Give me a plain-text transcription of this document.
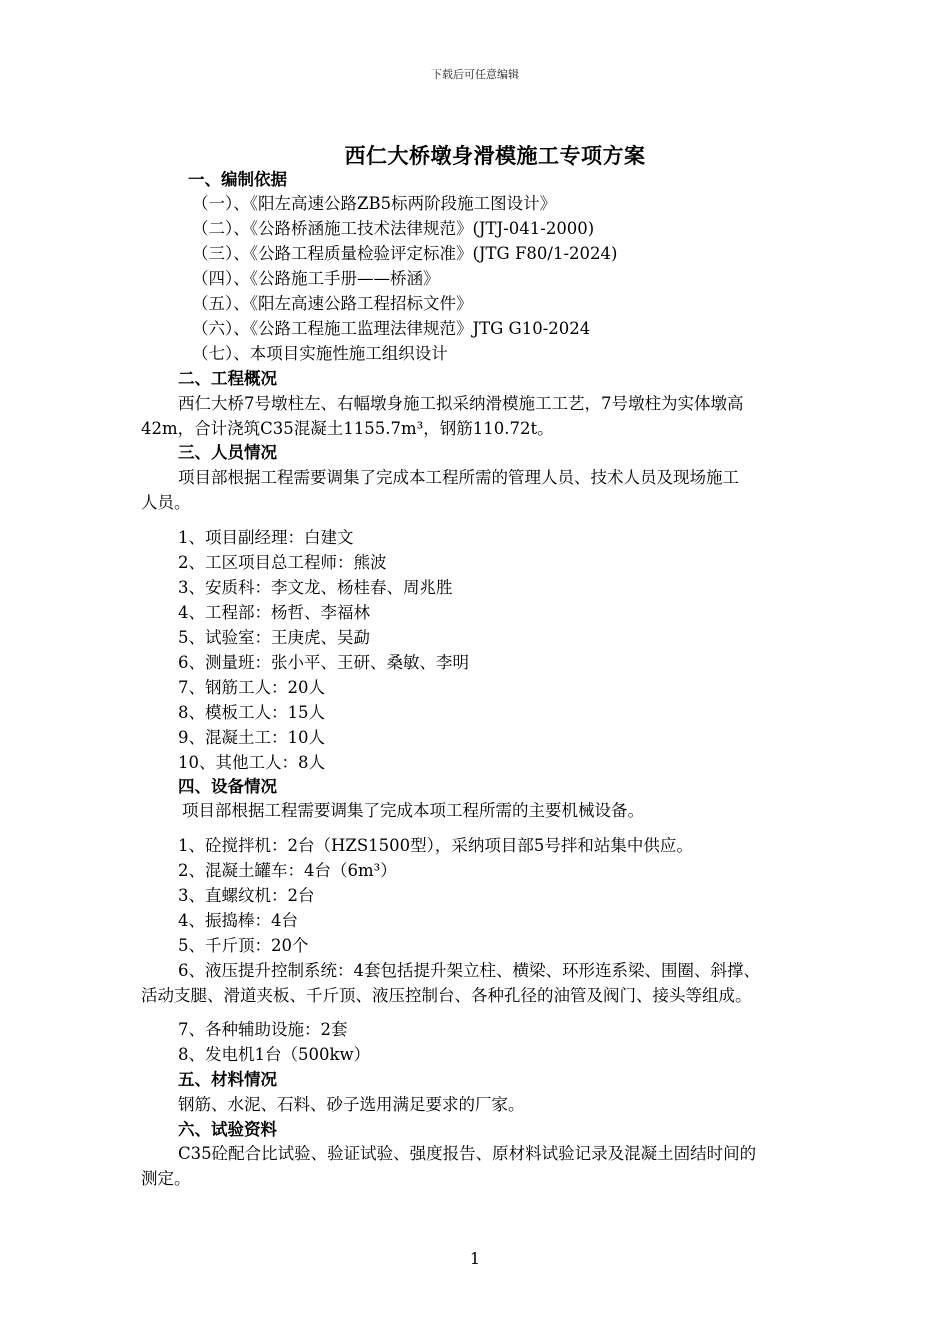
下载后可任意编辑
西仁大桥墩身滑模施工专项方案
一、编制依据
（一）、《阳左高速公路ZB5标两阶段施工图设计》
（二）、《公路桥涵施工技术法律规范》(JTJ-041-2000)
（三）、《公路工程质量检验评定标准》(JTG F80/1-2024)
（四）、《公路施工手册——桥涵》
（五）、《阳左高速公路工程招标文件》
（六）、《公路工程施工监理法律规范》JTG G10-2024
（七）、本项目实施性施工组织设计
二、工程概况
西仁大桥7号墩柱左、右幅墩身施工拟采纳滑模施工工艺，7号墩柱为实体墩高
42m，合计浇筑C35混凝土1155.7m³，钢筋110.72t。
三、人员情况
项目部根据工程需要调集了完成本工程所需的管理人员、技术人员及现场施工
人员。
1、项目副经理：白建文
2、工区项目总工程师：熊波
3、安质科：李文龙、杨桂春、周兆胜
4、工程部：杨哲、李福林
5、试验室：王庚虎、吴勐
6、测量班：张小平、王研、桑敏、李明
7、钢筋工人：20人
8、模板工人：15人
9、混凝土工：10人
10、其他工人：8人
四、设备情况
项目部根据工程需要调集了完成本项工程所需的主要机械设备。
1、砼搅拌机：2台（HZS1500型），采纳项目部5号拌和站集中供应。
2、混凝土罐车：4台（6m³）
3、直螺纹机：2台
4、振捣棒：4台
5、千斤顶：20个
6、液压提升控制系统：4套包括提升架立柱、横梁、环形连系梁、围圈、斜撑、
活动支腿、滑道夹板、千斤顶、液压控制台、各种孔径的油管及阀门、接头等组成。
7、各种辅助设施：2套
8、发电机1台（500kw）
五、材料情况
钢筋、水泥、石料、砂子选用满足要求的厂家。
六、试验资料
C35砼配合比试验、验证试验、强度报告、原材料试验记录及混凝土固结时间的
测定。
1
